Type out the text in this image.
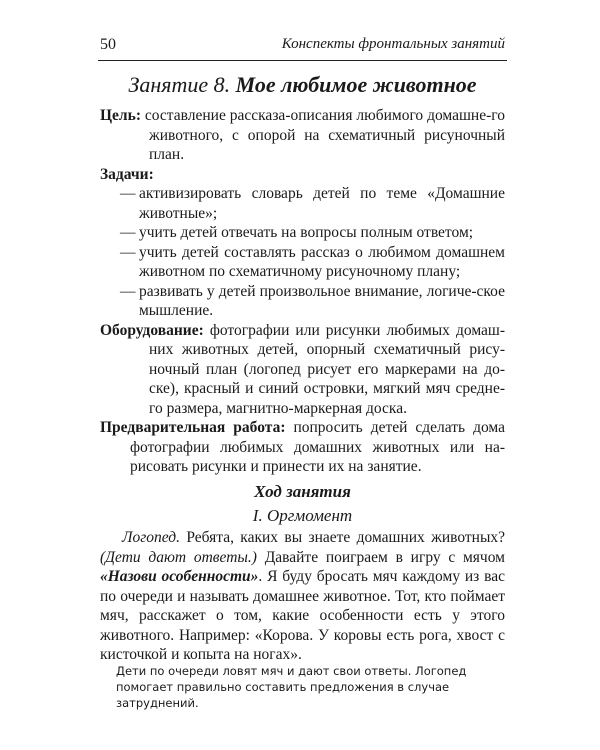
50	Конспекты фронтальных занятий
Занятие 8. Мое любимое животное

Цель: составление рассказа-описания любимого домашне-го животного, с опорой на схематичный рисуночный план.

Задачи:

— активизировать словарь детей по теме «Домашние животные»;

— учить детей отвечать на вопросы полным ответом;

— учить детей составлять рассказ о любимом домашнем животном по схематичному рисуночному плану;

— развивать у детей произвольное внимание, логиче-ское мышление.

Оборудование: фотографии или рисунки любимых домаш-них животных детей, опорный схематичный рису-ночный план (логопед рисует его маркерами на до-ске), красный и синий островки, мягкий мяч средне-го размера, магнитно-маркерная доска.

Предварительная работа: попросить детей сделать дома фотографии любимых домашних животных или на-рисовать рисунки и принести их на занятие.

Ход занятия
I. Оргмомент

Логопед. Ребята, каких вы знаете домашних животных? (Дети дают ответы.) Давайте поиграем в игру с мячом «Назови особенности». Я буду бросать мяч каждому из вас по очереди и называть домашнее животное. Тот, кто поймает мяч, расскажет о том, какие особенности есть у этого животного. Например: «Корова. У коровы есть рога, хвост с кисточкой и копыта на ногах».

Дети по очереди ловят мяч и дают свои ответы. Логопед помогает правильно составить предложения в случае затруднений.
